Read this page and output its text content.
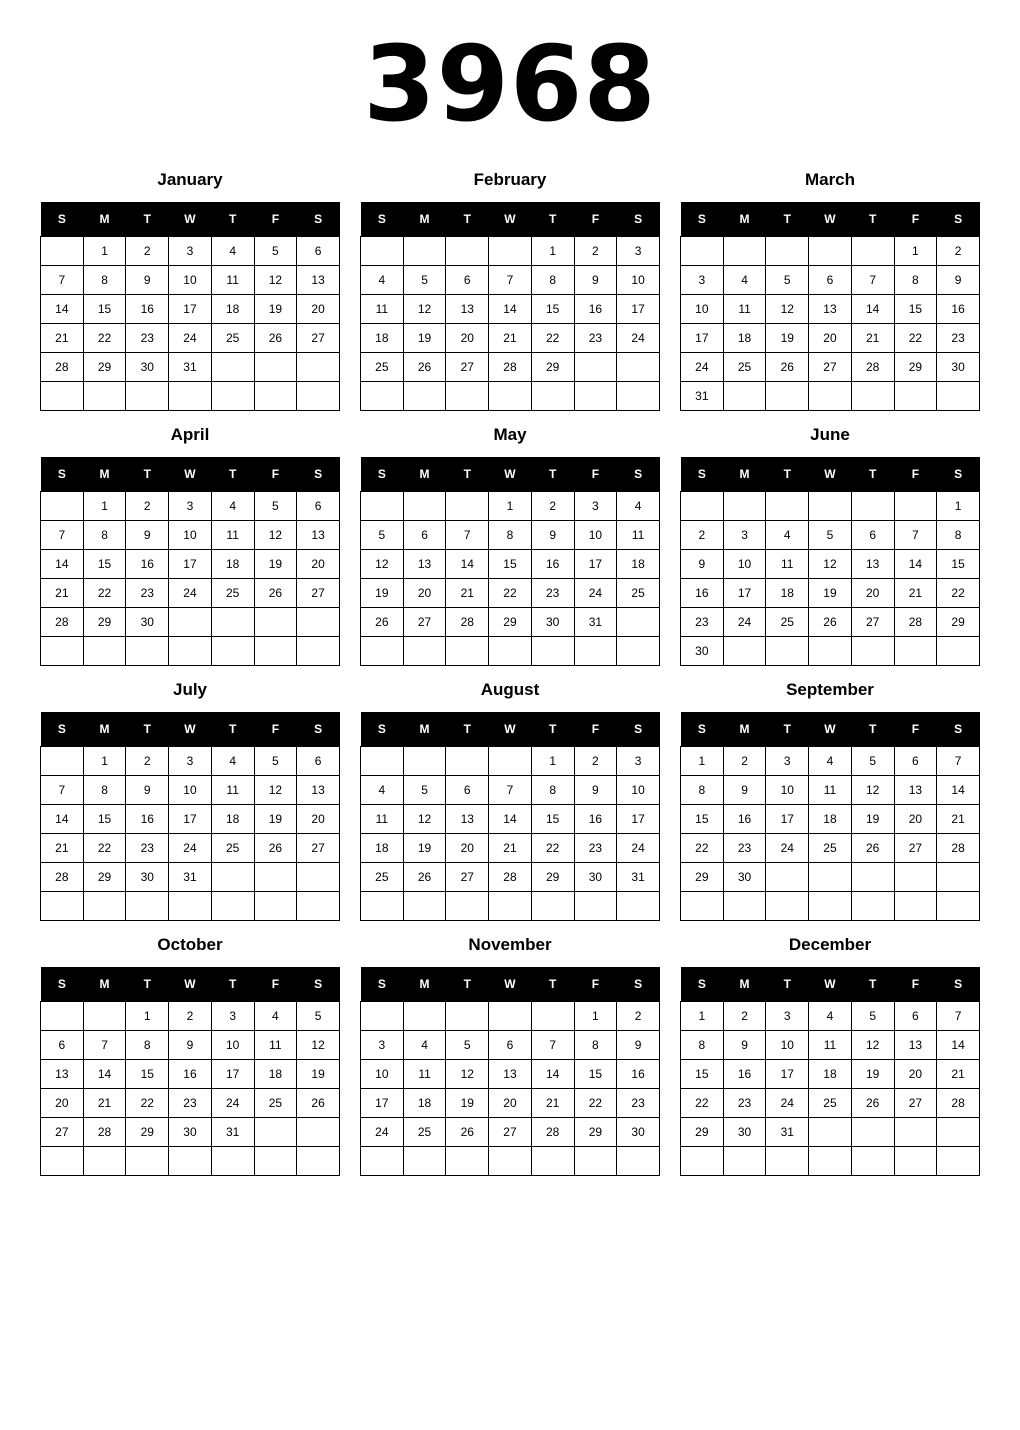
3968
January
S	M	T	W	T	F	S
	1	2	3	4	5	6
7	8	9	10	11	12	13
14	15	16	17	18	19	20
21	22	23	24	25	26	27
28	29	30	31			

February
S	M	T	W	T	F	S
				1	2	3
4	5	6	7	8	9	10
11	12	13	14	15	16	17
18	19	20	21	22	23	24
25	26	27	28	29		

March
S	M	T	W	T	F	S
					1	2
3	4	5	6	7	8	9
10	11	12	13	14	15	16
17	18	19	20	21	22	23
24	25	26	27	28	29	30
31						
April
S	M	T	W	T	F	S
	1	2	3	4	5	6
7	8	9	10	11	12	13
14	15	16	17	18	19	20
21	22	23	24	25	26	27
28	29	30				

May
S	M	T	W	T	F	S
			1	2	3	4
5	6	7	8	9	10	11
12	13	14	15	16	17	18
19	20	21	22	23	24	25
26	27	28	29	30	31	

June
S	M	T	W	T	F	S
						1
2	3	4	5	6	7	8
9	10	11	12	13	14	15
16	17	18	19	20	21	22
23	24	25	26	27	28	29
30						
July
S	M	T	W	T	F	S
	1	2	3	4	5	6
7	8	9	10	11	12	13
14	15	16	17	18	19	20
21	22	23	24	25	26	27
28	29	30	31			

August
S	M	T	W	T	F	S
				1	2	3
4	5	6	7	8	9	10
11	12	13	14	15	16	17
18	19	20	21	22	23	24
25	26	27	28	29	30	31

September
S	M	T	W	T	F	S
1	2	3	4	5	6	7
8	9	10	11	12	13	14
15	16	17	18	19	20	21
22	23	24	25	26	27	28
29	30					

October
S	M	T	W	T	F	S
		1	2	3	4	5
6	7	8	9	10	11	12
13	14	15	16	17	18	19
20	21	22	23	24	25	26
27	28	29	30	31		

November
S	M	T	W	T	F	S
					1	2
3	4	5	6	7	8	9
10	11	12	13	14	15	16
17	18	19	20	21	22	23
24	25	26	27	28	29	30

December
S	M	T	W	T	F	S
1	2	3	4	5	6	7
8	9	10	11	12	13	14
15	16	17	18	19	20	21
22	23	24	25	26	27	28
29	30	31				
